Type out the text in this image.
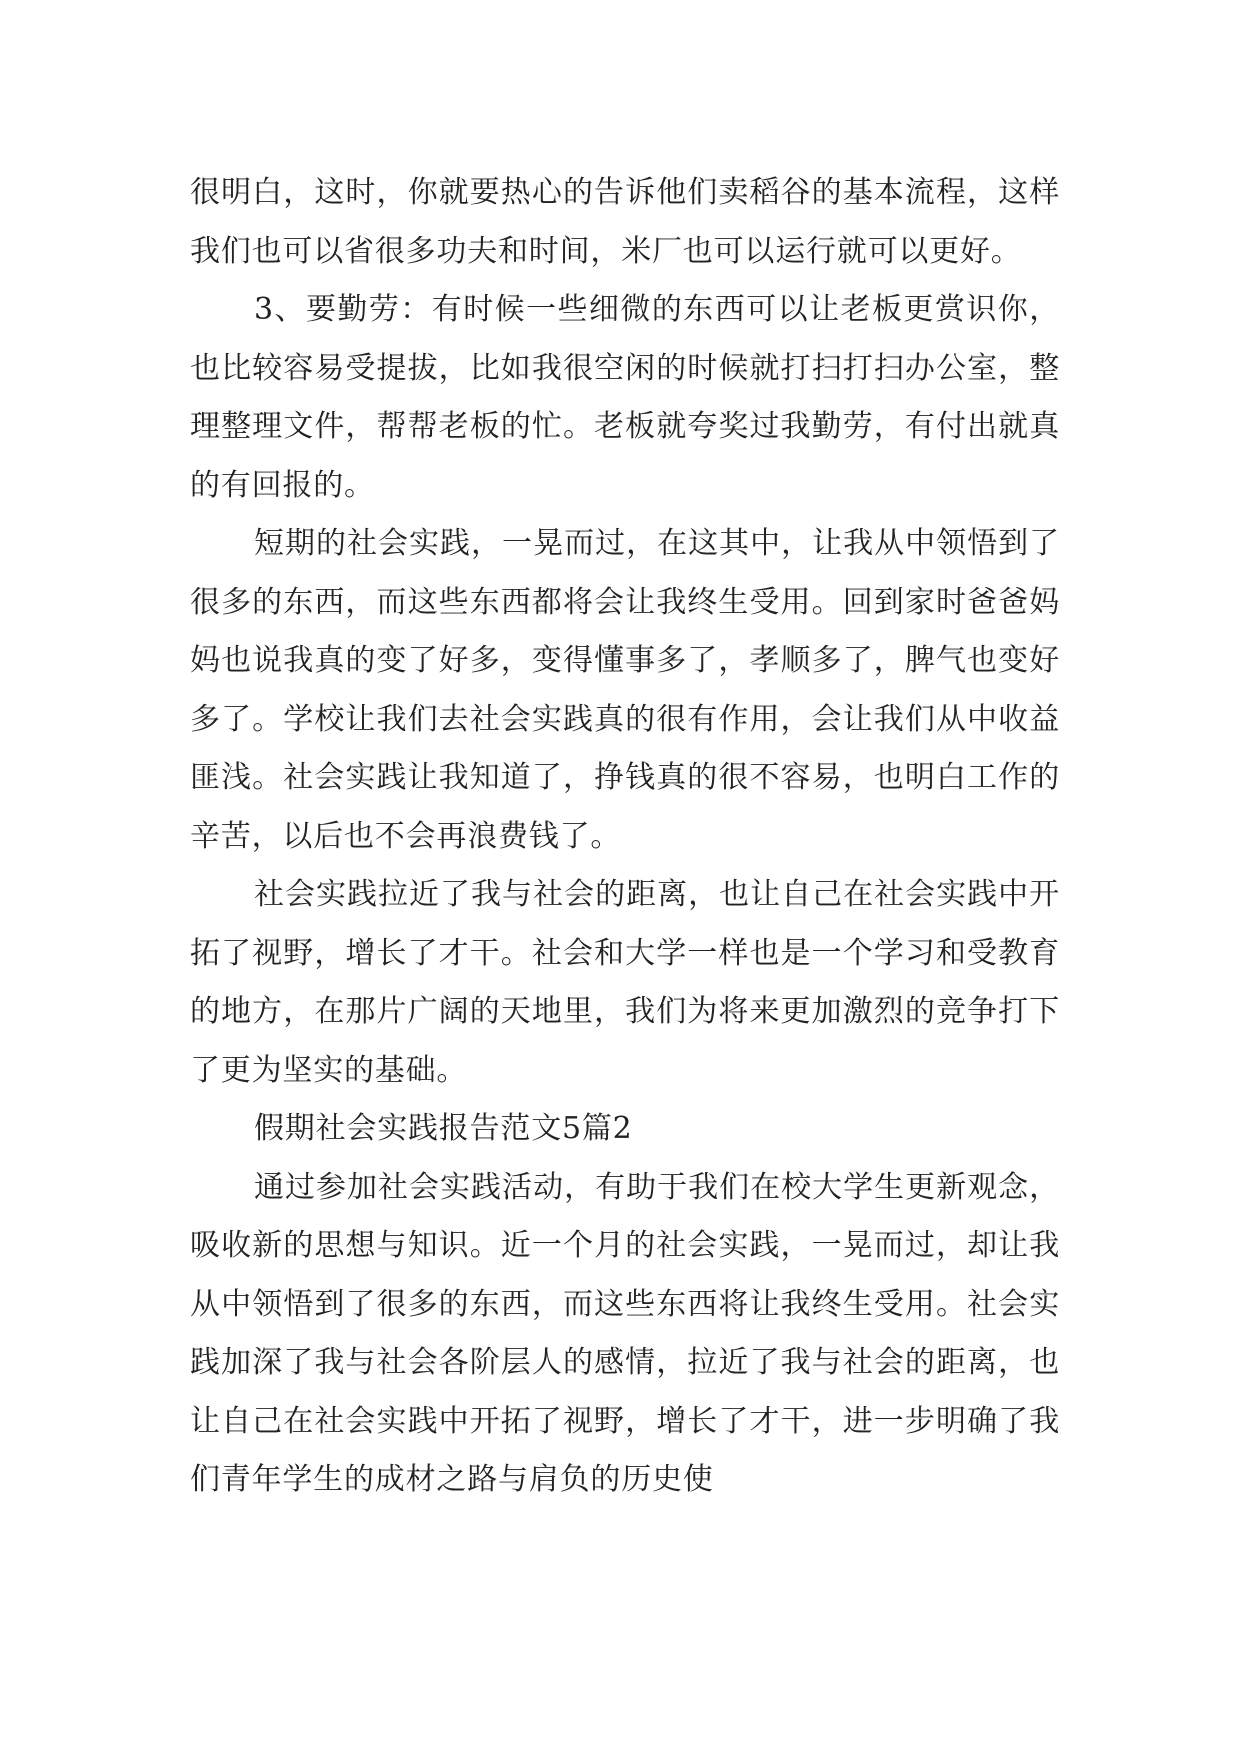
很明白，这时，你就要热心的告诉他们卖稻谷的基本流程，这样我们也可以省很多功夫和时间，米厂也可以运行就可以更好。

3、要勤劳：有时候一些细微的东西可以让老板更赏识你，也比较容易受提拔，比如我很空闲的时候就打扫打扫办公室，整理整理文件，帮帮老板的忙。老板就夸奖过我勤劳，有付出就真的有回报的。

短期的社会实践，一晃而过，在这其中，让我从中领悟到了很多的东西，而这些东西都将会让我终生受用。回到家时爸爸妈妈也说我真的变了好多，变得懂事多了，孝顺多了，脾气也变好多了。学校让我们去社会实践真的很有作用，会让我们从中收益匪浅。社会实践让我知道了，挣钱真的很不容易，也明白工作的辛苦，以后也不会再浪费钱了。

社会实践拉近了我与社会的距离，也让自己在社会实践中开拓了视野，增长了才干。社会和大学一样也是一个学习和受教育的地方，在那片广阔的天地里，我们为将来更加激烈的竞争打下了更为坚实的基础。

假期社会实践报告范文5篇2

通过参加社会实践活动，有助于我们在校大学生更新观念，吸收新的思想与知识。近一个月的社会实践，一晃而过，却让我从中领悟到了很多的东西，而这些东西将让我终生受用。社会实践加深了我与社会各阶层人的感情，拉近了我与社会的距离，也让自己在社会实践中开拓了视野，增长了才干，进一步明确了我们青年学生的成材之路与肩负的历史使
